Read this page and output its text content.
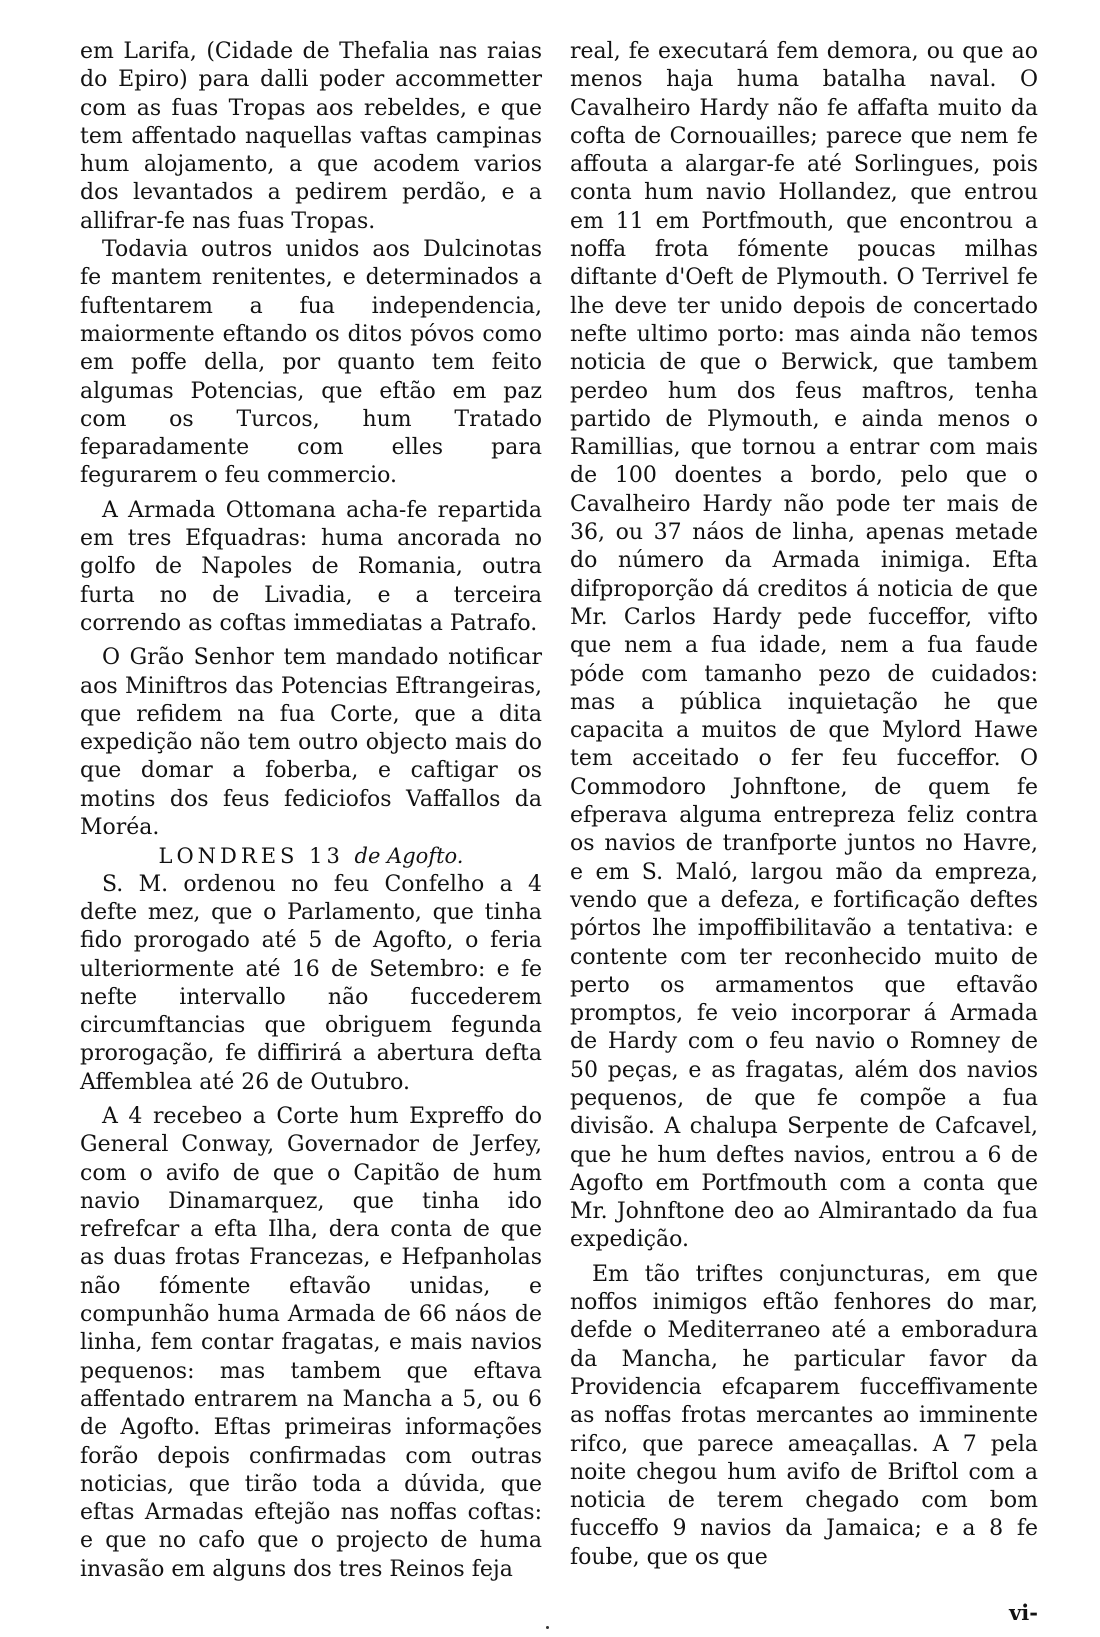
em Larifa, (Cidade de Thefalia nas raias do Epiro) para dalli poder accommetter com as fuas Tropas aos rebeldes, e que tem affentado naquellas vaftas campinas hum alojamento, a que acodem varios dos levantados a pedirem perdão, e a allifrar-fe nas fuas Tropas.

Todavia outros unidos aos Dulcinotas fe mantem renitentes, e determinados a fuftentarem a fua independencia, maiormente eftando os ditos póvos como em poffe della, por quanto tem feito algumas Potencias, que eftão em paz com os Turcos, hum Tratado feparadamente com elles para fegurarem o feu commercio.

A Armada Ottomana acha-fe repartida em tres Efquadras: huma ancorada no golfo de Napoles de Romania, outra furta no de Livadia, e a terceira correndo as coftas immediatas a Patrafo.

O Grão Senhor tem mandado notificar aos Miniftros das Potencias Eftrangeiras, que refidem na fua Corte, que a dita expedição não tem outro objecto mais do que domar a foberba, e caftigar os motins dos feus fediciofos Vaffallos da Moréa.

LONDRES 13 de Agofto.

S. M. ordenou no feu Confelho a 4 defte mez, que o Parlamento, que tinha fido prorogado até 5 de Agofto, o feria ulteriormente até 16 de Setembro: e fe nefte intervallo não fuccederem circumftancias que obriguem fegunda prorogação, fe diffirirá a abertura defta Affemblea até 26 de Outubro.

A 4 recebeo a Corte hum Expreffo do General Conway, Governador de Jerfey, com o avifo de que o Capitão de hum navio Dinamarquez, que tinha ido refrefcar a efta Ilha, dera conta de que as duas frotas Francezas, e Hefpanholas não fómente eftavão unidas, e compunhão huma Armada de 66 náos de linha, fem contar fragatas, e mais navios pequenos: mas tambem que eftava affentado entrarem na Mancha a 5, ou 6 de Agofto. Eftas primeiras informações forão depois confirmadas com outras noticias, que tirão toda a dúvida, que eftas Armadas eftejão nas noffas coftas: e que no cafo que o projecto de huma invasão em alguns dos tres Reinos feja

real, fe executará fem demora, ou que ao menos haja huma batalha naval. O Cavalheiro Hardy não fe affafta muito da cofta de Cornouailles; parece que nem fe affouta a alargar-fe até Sorlingues, pois conta hum navio Hollandez, que entrou em 11 em Portfmouth, que encontrou a noffa frota fómente poucas milhas diftante d'Oeft de Plymouth. O Terrivel fe lhe deve ter unido depois de concertado nefte ultimo porto: mas ainda não temos noticia de que o Berwick, que tambem perdeo hum dos feus maftros, tenha partido de Plymouth, e ainda menos o Ramillias, que tornou a entrar com mais de 100 doentes a bordo, pelo que o Cavalheiro Hardy não pode ter mais de 36, ou 37 náos de linha, apenas metade do número da Armada inimiga. Efta difproporção dá creditos á noticia de que Mr. Carlos Hardy pede fucceffor, vifto que nem a fua idade, nem a fua faude póde com tamanho pezo de cuidados: mas a pública inquietação he que capacita a muitos de que Mylord Hawe tem acceitado o fer feu fucceffor. O Commodoro Johnftone, de quem fe efperava alguma entrepreza feliz contra os navios de tranfporte juntos no Havre, e em S. Maló, largou mão da empreza, vendo que a defeza, e fortificação deftes pórtos lhe impoffibilitavão a tentativa: e contente com ter reconhecido muito de perto os armamentos que eftavão promptos, fe veio incorporar á Armada de Hardy com o feu navio o Romney de 50 peças, e as fragatas, além dos navios pequenos, de que fe compõe a fua divisão. A chalupa Serpente de Cafcavel, que he hum deftes navios, entrou a 6 de Agofto em Portfmouth com a conta que Mr. Johnftone deo ao Almirantado da fua expedição.

Em tão triftes conjuncturas, em que noffos inimigos eftão fenhores do mar, defde o Mediterraneo até a emboradura da Mancha, he particular favor da Providencia efcaparem fucceffivamente as noffas frotas mercantes ao imminente rifco, que parece ameaçallas. A 7 pela noite chegou hum avifo de Briftol com a noticia de terem chegado com bom fucceffo 9 navios da Jamaica; e a 8 fe foube, que os que

vi-
